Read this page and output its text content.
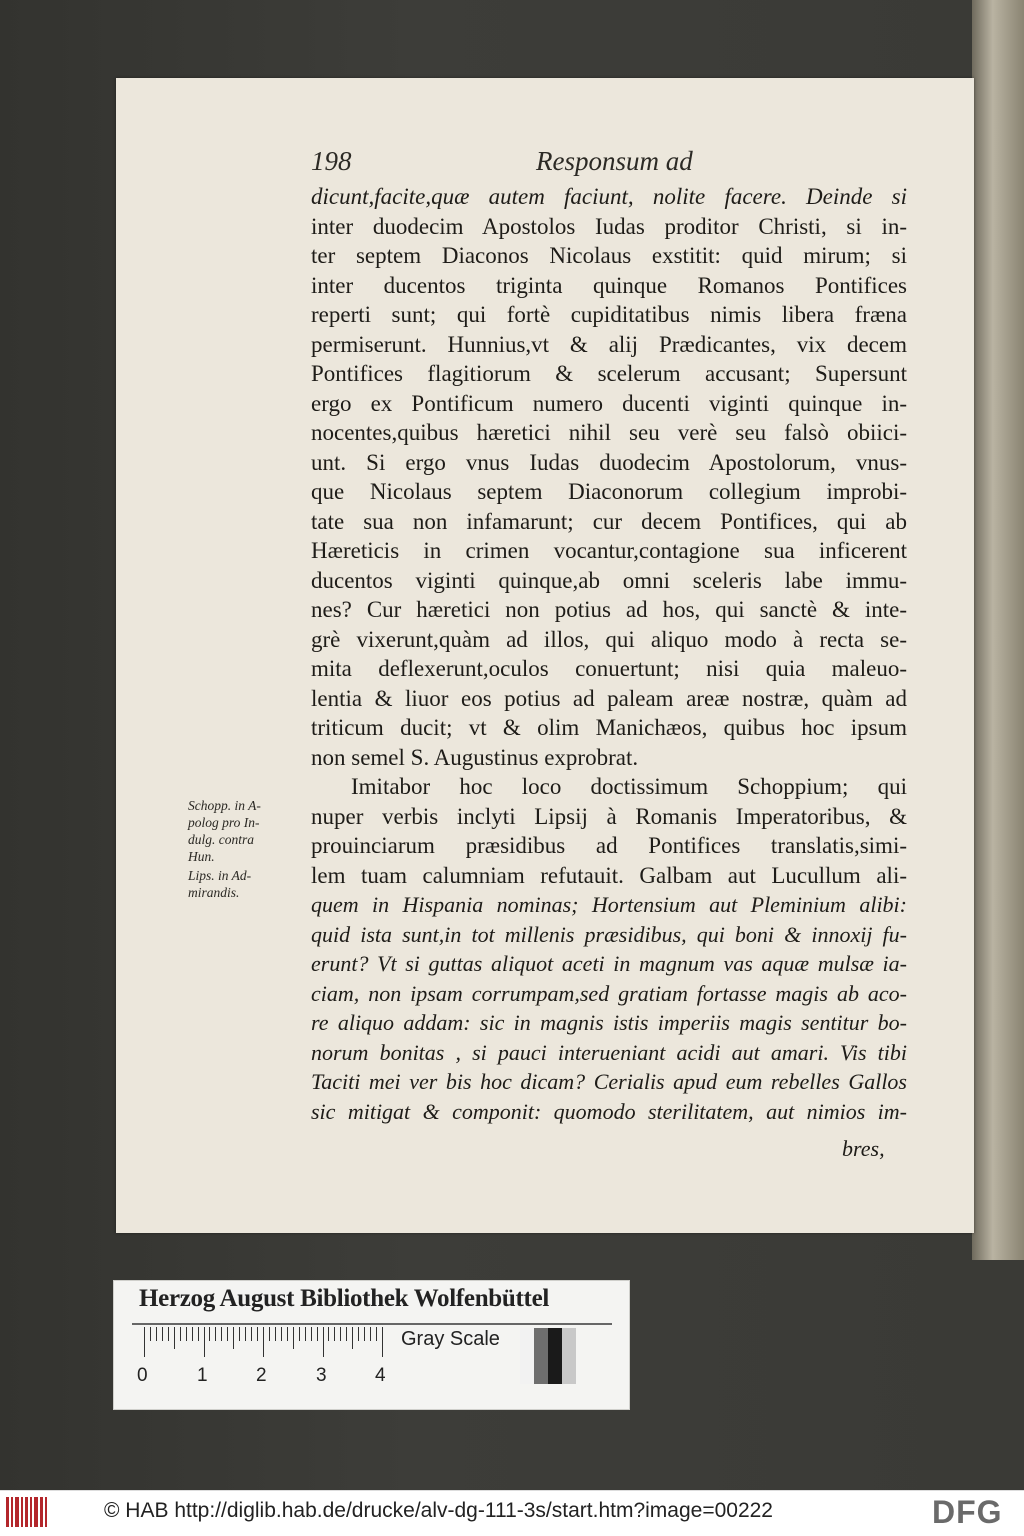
198	Responsum ad
dicunt,facite,quæ autem faciunt, nolite facere. Deinde si
inter duodecim Apostolos Iudas proditor Christi, si in-
ter septem Diaconos Nicolaus exstitit: quid mirum; si
inter ducentos triginta quinque Romanos Pontifices
reperti sunt; qui fortè cupiditatibus nimis libera fræna
permiserunt. Hunnius,vt & alij Prædicantes, vix decem
Pontifices flagitiorum & scelerum accusant; Supersunt
ergo ex Pontificum numero ducenti viginti quinque in-
nocentes,quibus hæretici nihil seu verè seu falsò obiici-
unt. Si ergo vnus Iudas duodecim Apostolorum, vnus-
que Nicolaus septem Diaconorum collegium improbi-
tate sua non infamarunt; cur decem Pontifices, qui ab
Hæreticis in crimen vocantur,contagione sua inficerent
ducentos viginti quinque,ab omni sceleris labe immu-
nes? Cur hæretici non potius ad hos, qui sanctè & inte-
grè vixerunt,quàm ad illos, qui aliquo modo à recta se-
mita deflexerunt,oculos conuertunt; nisi quia maleuo-
lentia & liuor eos potius ad paleam areæ nostræ, quàm ad
triticum ducit; vt & olim Manichæos, quibus hoc ipsum
non semel S. Augustinus exprobrat.
Imitabor hoc loco doctissimum Schoppium; qui
nuper verbis inclyti Lipsij à Romanis Imperatoribus, &
prouinciarum præsidibus ad Pontifices translatis,simi-
lem tuam calumniam refutauit. Galbam aut Lucullum ali-
quem in Hispania nominas; Hortensium aut Pleminium alibi:
quid ista sunt,in tot millenis præsidibus, qui boni & innoxij fu-
erunt? Vt si guttas aliquot aceti in magnum vas aquæ mulsæ ia-
ciam, non ipsam corrumpam,sed gratiam fortasse magis ab aco-
re aliquo addam: sic in magnis istis imperiis magis sentitur bo-
norum bonitas , si pauci interueniant acidi aut amari. Vis tibi
Taciti mei ver bis hoc dicam? Cerialis apud eum rebelles Gallos
sic mitigat & componit: quomodo sterilitatem, aut nimios im-
Schopp. in A-
polog pro In-
dulg. contra
Hun.
Lips. in Ad-
mirandis.
bres,
Herzog August Bibliothek Wolfenbüttel
0	1	2	3	4
Gray Scale
© HAB http://diglib.hab.de/drucke/alv-dg-111-3s/start.htm?image=00222	DFG
